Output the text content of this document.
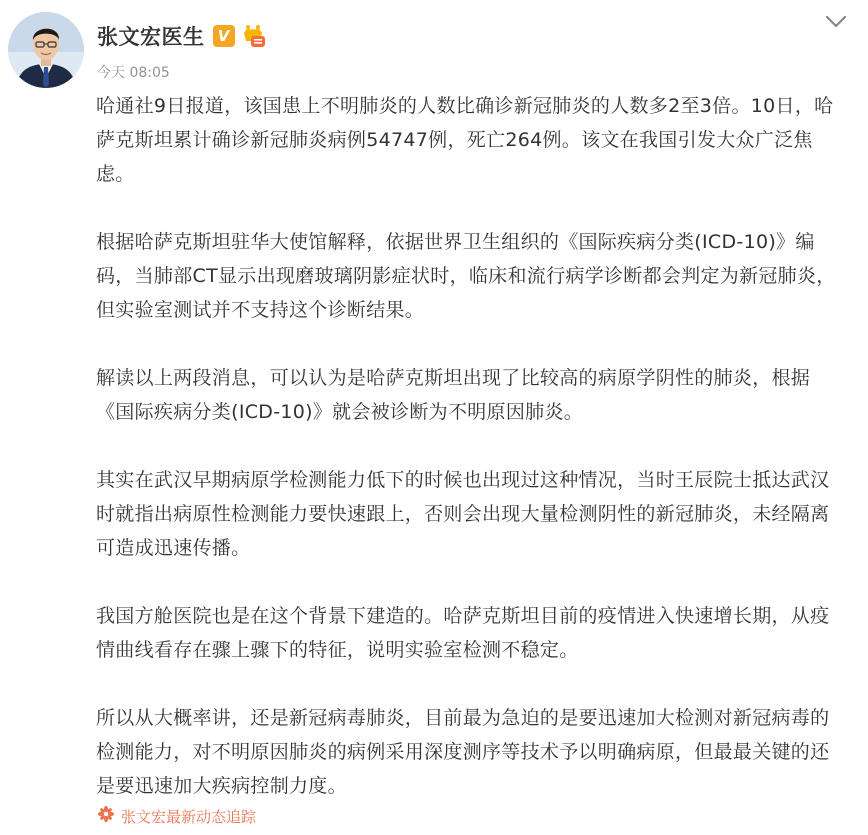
张文宏医生 V
今天 08:05

哈通社9日报道，该国患上不明肺炎的人数比确诊新冠肺炎的人数多2至3倍。10日，哈萨克斯坦累计确诊新冠肺炎病例54747例，死亡264例。该文在我国引发大众广泛焦虑。

根据哈萨克斯坦驻华大使馆解释，依据世界卫生组织的《国际疾病分类(ICD-10)》编码，当肺部CT显示出现磨玻璃阴影症状时，临床和流行病学诊断都会判定为新冠肺炎，但实验室测试并不支持这个诊断结果。

解读以上两段消息，可以认为是哈萨克斯坦出现了比较高的病原学阴性的肺炎，根据《国际疾病分类(ICD-10)》就会被诊断为不明原因肺炎。

其实在武汉早期病原学检测能力低下的时候也出现过这种情况，当时王辰院士抵达武汉时就指出病原性检测能力要快速跟上，否则会出现大量检测阴性的新冠肺炎，未经隔离可造成迅速传播。

我国方舱医院也是在这个背景下建造的。哈萨克斯坦目前的疫情进入快速增长期，从疫情曲线看存在骤上骤下的特征，说明实验室检测不稳定。

所以从大概率讲，还是新冠病毒肺炎，目前最为急迫的是要迅速加大检测对新冠病毒的检测能力，对不明原因肺炎的病例采用深度测序等技术予以明确病原，但最最关键的还是要迅速加大疾病控制力度。

张文宏最新动态追踪
